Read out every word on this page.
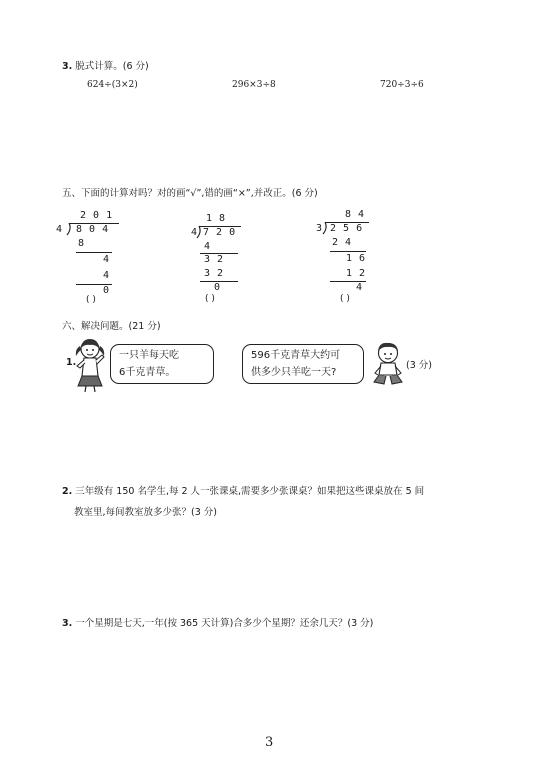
3. 脱式计算。(6 分)
624÷(3×2)	296×3÷8	720÷3÷6
五、下面的计算对吗？对的画“√”,错的画“×”,并改正。(6 分)
2 0 1
4 8 0 4
8
4
4
0
( )
1 8
4 7 2 0
4
3 2
3 2
0
( )
8 4
3 2 5 6
2 4
1 6
1 2
4
( )
六、解决问题。(21 分)
1.
一只羊每天吃
6千克青草。
596千克青草大约可
供多少只羊吃一天?
(3 分)
2. 三年级有 150 名学生,每 2 人一张课桌,需要多少张课桌？如果把这些课桌放在 5 间
教室里,每间教室放多少张？(3 分)
3. 一个星期是七天,一年(按 365 天计算)合多少个星期？还余几天？(3 分)
3
